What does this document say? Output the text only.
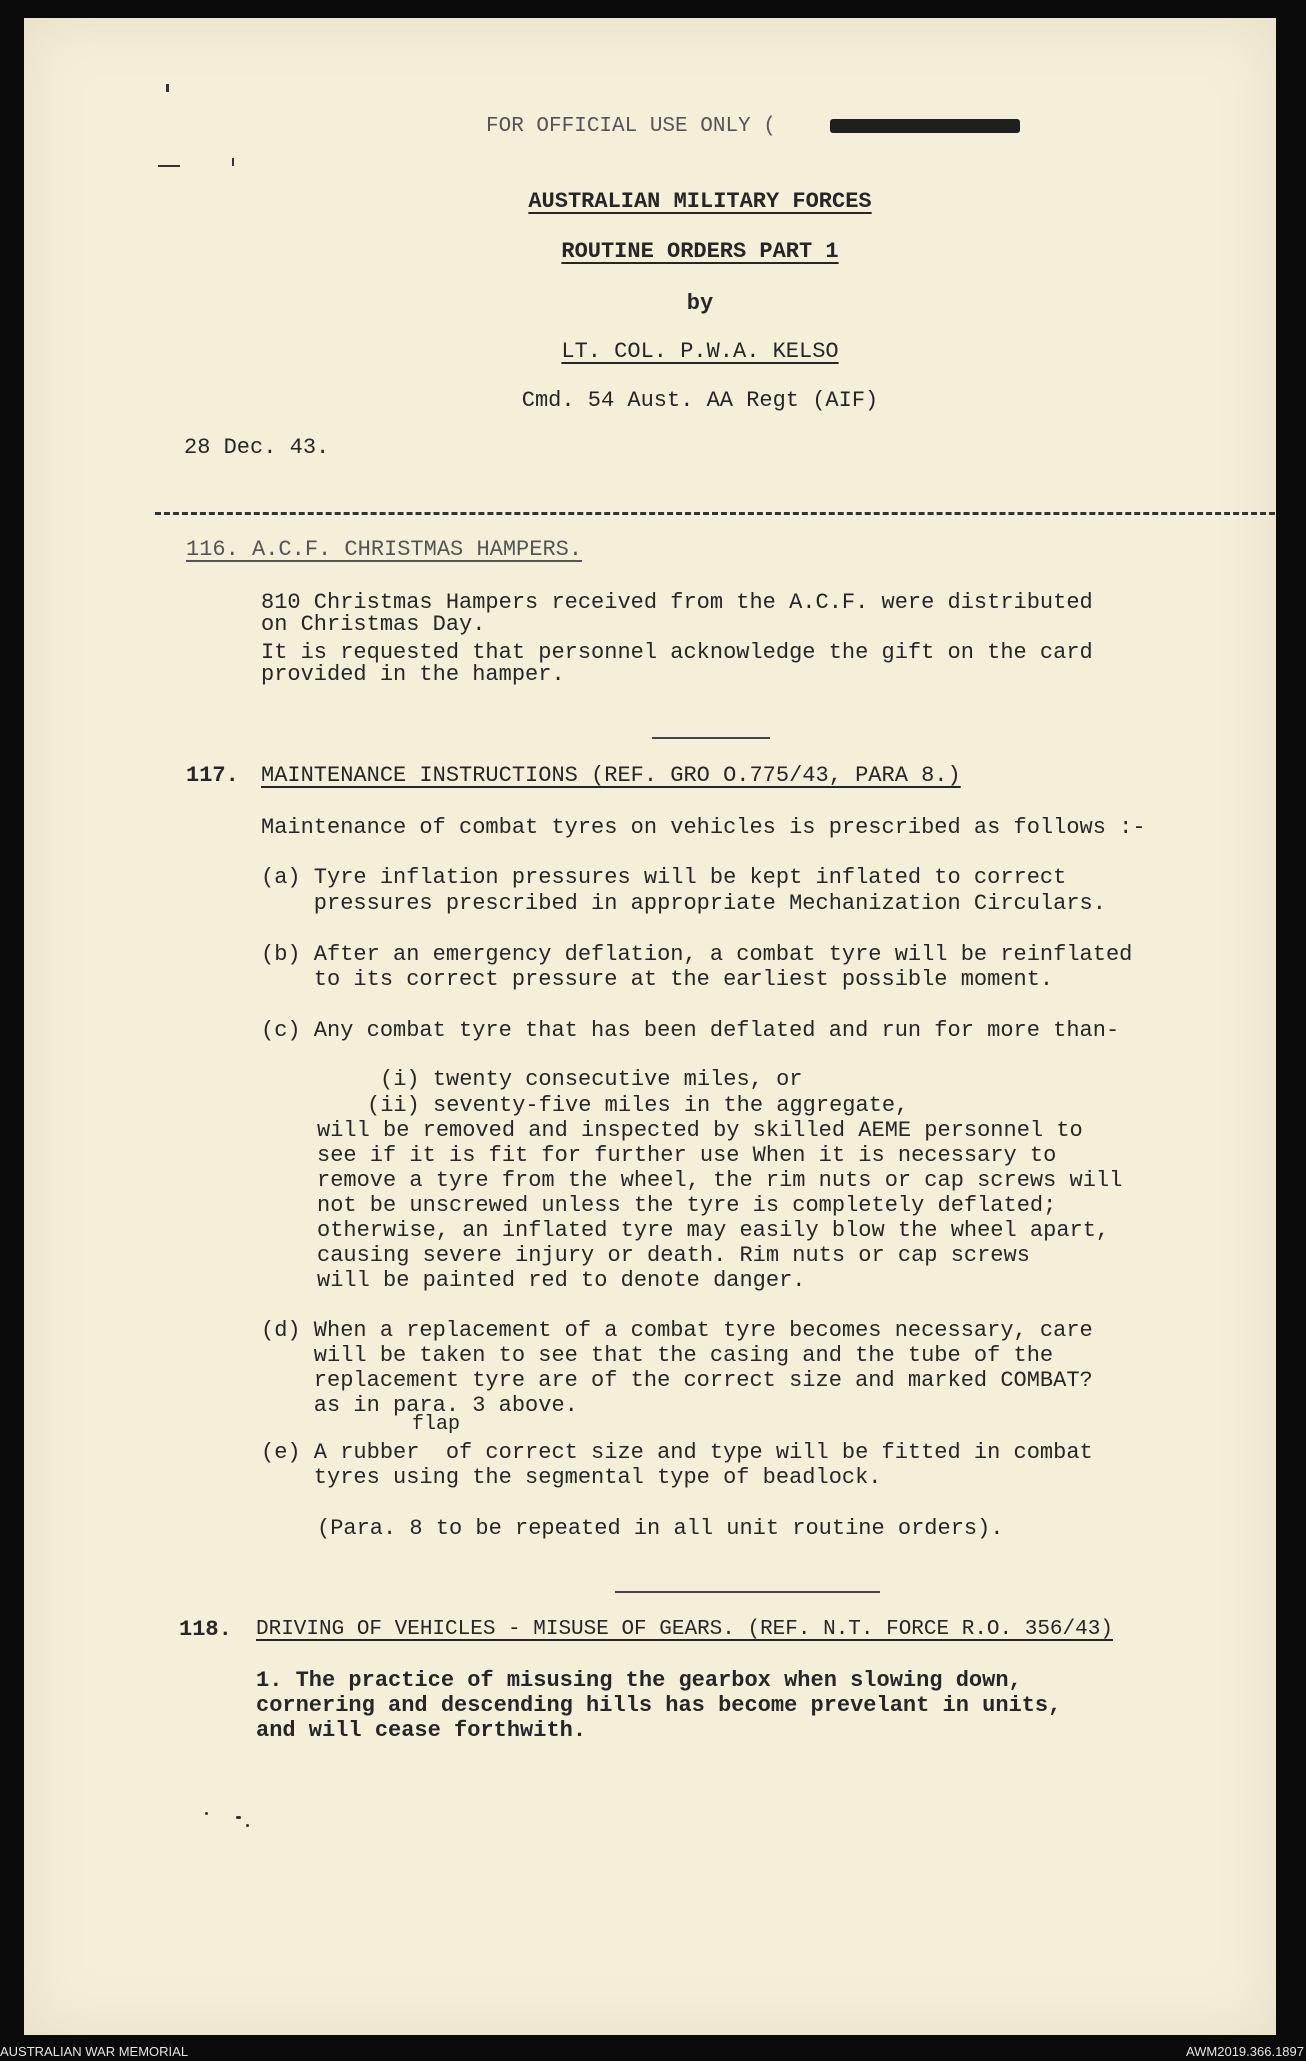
FOR OFFICIAL USE ONLY (

AUSTRALIAN MILITARY FORCES

ROUTINE ORDERS PART 1

by

LT. COL. P.W.A. KELSO

Cmd. 54 Aust. AA Regt (AIF)

28 Dec. 43.

116. A.C.F. CHRISTMAS HAMPERS.

810 Christmas Hampers received from the A.C.F. were distributed

on Christmas Day.

It is requested that personnel acknowledge the gift on the card

provided in the hamper.

117. MAINTENANCE INSTRUCTIONS (REF. GRO O.775/43, PARA 8.)

Maintenance of combat tyres on vehicles is prescribed as follows :-

(a) Tyre inflation pressures will be kept inflated to correct

pressures prescribed in appropriate Mechanization Circulars.

(b) After an emergency deflation, a combat tyre will be reinflated

to its correct pressure at the earliest possible moment.

(c) Any combat tyre that has been deflated and run for more than-

(i) twenty consecutive miles, or

(ii) seventy-five miles in the aggregate,

will be removed and inspected by skilled AEME personnel to

see if it is fit for further use When it is necessary to

remove a tyre from the wheel, the rim nuts or cap screws will

not be unscrewed unless the tyre is completely deflated;

otherwise, an inflated tyre may easily blow the wheel apart,

causing severe injury or death. Rim nuts or cap screws

will be painted red to denote danger.

(d) When a replacement of a combat tyre becomes necessary, care

will be taken to see that the casing and the tube of the

replacement tyre are of the correct size and marked COMBAT?

as in para. 3 above.

flap

(e) A rubber  of correct size and type will be fitted in combat

tyres using the segmental type of beadlock.

(Para. 8 to be repeated in all unit routine orders).

118. DRIVING OF VEHICLES - MISUSE OF GEARS. (REF. N.T. FORCE R.O. 356/43)

1. The practice of misusing the gearbox when slowing down,

cornering and descending hills has become prevelant in units,

and will cease forthwith.

AUSTRALIAN WAR MEMORIAL	AWM2019.366.1897
